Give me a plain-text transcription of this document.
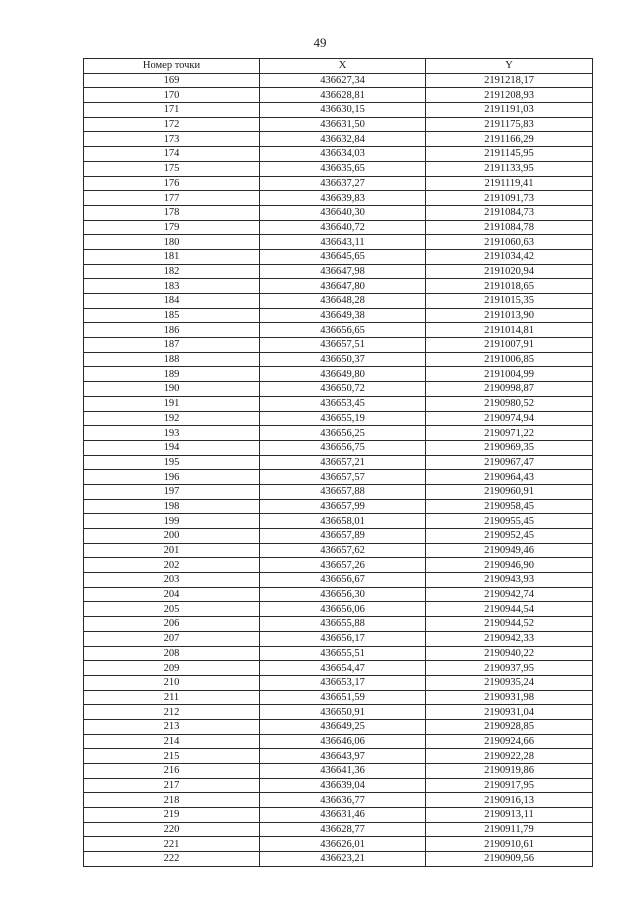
49
Номер точки	X	Y
169	436627,34	2191218,17
170	436628,81	2191208,93
171	436630,15	2191191,03
172	436631,50	2191175,83
173	436632,84	2191166,29
174	436634,03	2191145,95
175	436635,65	2191133,95
176	436637,27	2191119,41
177	436639,83	2191091,73
178	436640,30	2191084,73
179	436640,72	2191084,78
180	436643,11	2191060,63
181	436645,65	2191034,42
182	436647,98	2191020,94
183	436647,80	2191018,65
184	436648,28	2191015,35
185	436649,38	2191013,90
186	436656,65	2191014,81
187	436657,51	2191007,91
188	436650,37	2191006,85
189	436649,80	2191004,99
190	436650,72	2190998,87
191	436653,45	2190980,52
192	436655,19	2190974,94
193	436656,25	2190971,22
194	436656,75	2190969,35
195	436657,21	2190967,47
196	436657,57	2190964,43
197	436657,88	2190960,91
198	436657,99	2190958,45
199	436658,01	2190955,45
200	436657,89	2190952,45
201	436657,62	2190949,46
202	436657,26	2190946,90
203	436656,67	2190943,93
204	436656,30	2190942,74
205	436656,06	2190944,54
206	436655,88	2190944,52
207	436656,17	2190942,33
208	436655,51	2190940,22
209	436654,47	2190937,95
210	436653,17	2190935,24
211	436651,59	2190931,98
212	436650,91	2190931,04
213	436649,25	2190928,85
214	436646,06	2190924,66
215	436643,97	2190922,28
216	436641,36	2190919,86
217	436639,04	2190917,95
218	436636,77	2190916,13
219	436631,46	2190913,11
220	436628,77	2190911,79
221	436626,01	2190910,61
222	436623,21	2190909,56
